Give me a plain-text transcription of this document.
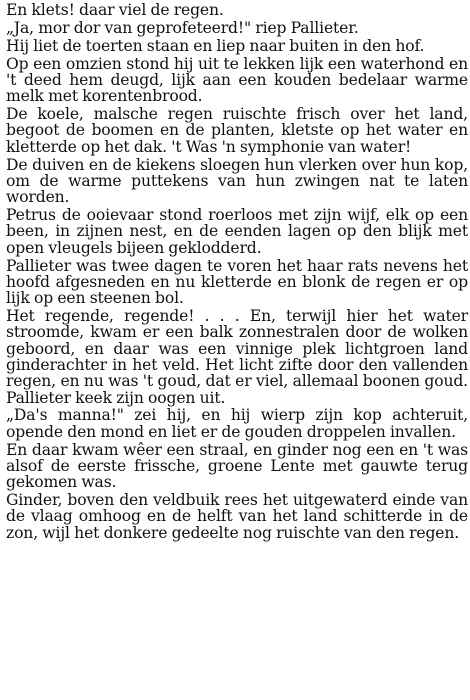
En klets! daar viel de regen.

„Ja, mor dor van geprofeteerd!" riep Pallieter.

Hij liet de toerten staan en liep naar buiten in den hof.

Op een omzien stond hij uit te lekken lijk een waterhond en 't deed hem deugd, lijk aan een kouden bedelaar warme melk met korentenbrood.

De koele, malsche regen ruischte frisch over het land, begoot de boomen en de planten, kletste op het water en kletterde op het dak. 't Was 'n symphonie van water!

De duiven en de kiekens sloegen hun vlerken over hun kop, om de warme puttekens van hun zwingen nat te laten worden.

Petrus de ooievaar stond roerloos met zijn wijf, elk op een been, in zijnen nest, en de eenden lagen op den blijk met open vleugels bijeen geklodderd.

Pallieter was twee dagen te voren het haar rats nevens het hoofd afgesneden en nu kletterde en blonk de regen er op lijk op een steenen bol.

Het regende, regende! . . . En, terwijl hier het water stroomde, kwam er een balk zonnestralen door de wolken geboord, en daar was een vinnige plek lichtgroen land ginderachter in het veld. Het licht zifte door den vallenden regen, en nu was 't goud, dat er viel, allemaal boonen goud. Pallieter keek zijn oogen uit.

„Da's manna!" zei hij, en hij wierp zijn kop achteruit, opende den mond en liet er de gouden droppelen invallen.

En daar kwam wêer een straal, en ginder nog een en 't was alsof de eerste frissche, groene Lente met gauwte terug gekomen was.

Ginder, boven den veldbuik rees het uitgewaterd einde van de vlaag omhoog en de helft van het land schitterde in de zon, wijl het donkere gedeelte nog ruischte van den regen.
